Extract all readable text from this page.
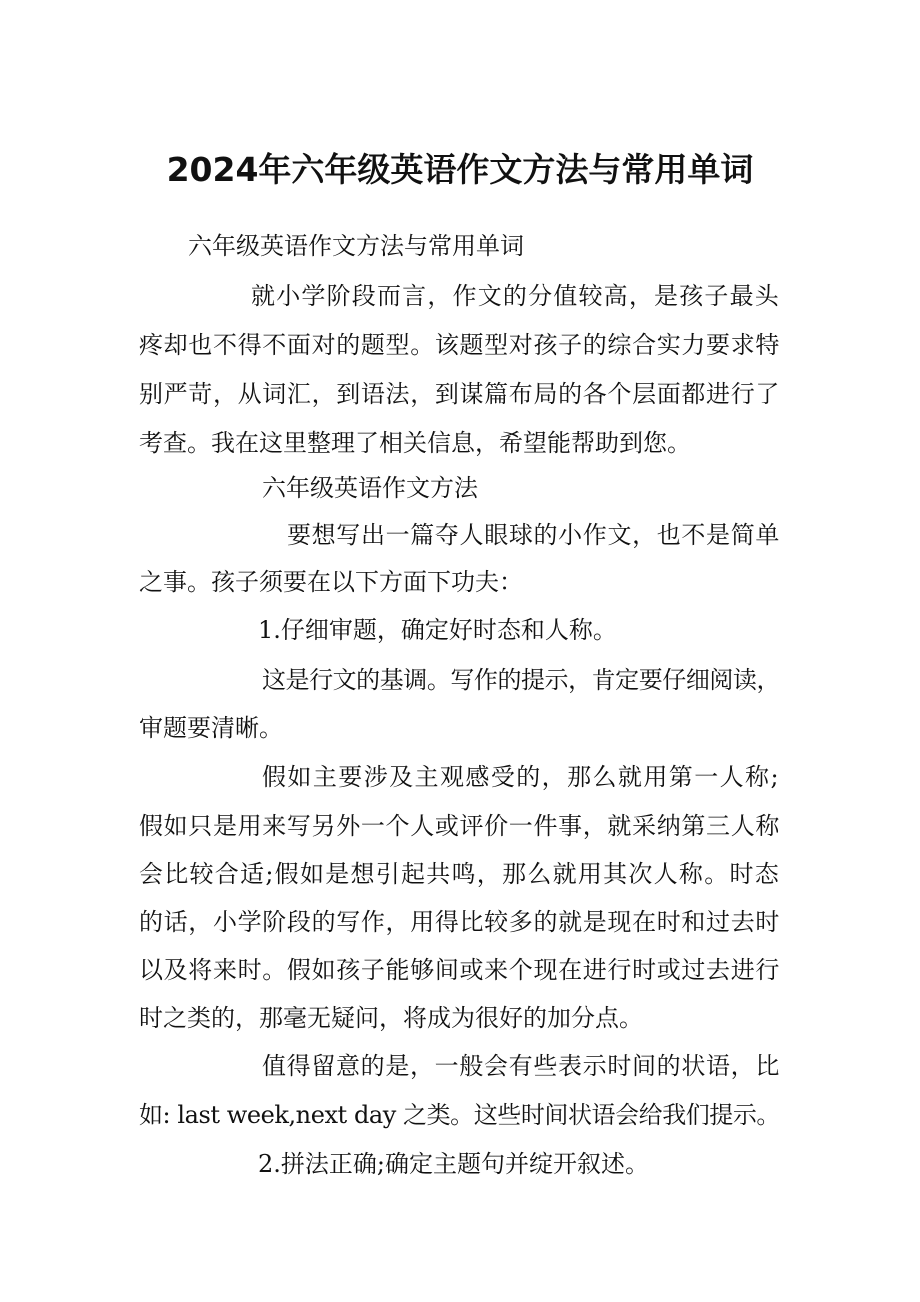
2024年六年级英语作文方法与常用单词
六年级英语作文方法与常用单词
就小学阶段而言，作文的分值较高，是孩子最头
疼却也不得不面对的题型。该题型对孩子的综合实力要求特
别严苛，从词汇，到语法，到谋篇布局的各个层面都进行了
考查。我在这里整理了相关信息，希望能帮助到您。
六年级英语作文方法
要想写出一篇夺人眼球的小作文，也不是简单
之事。孩子须要在以下方面下功夫：
1.仔细审题，确定好时态和人称。
这是行文的基调。写作的提示，肯定要仔细阅读，
审题要清晰。
假如主要涉及主观感受的，那么就用第一人称;
假如只是用来写另外一个人或评价一件事，就采纳第三人称
会比较合适;假如是想引起共鸣，那么就用其次人称。时态
的话，小学阶段的写作，用得比较多的就是现在时和过去时
以及将来时。假如孩子能够间或来个现在进行时或过去进行
时之类的，那毫无疑问，将成为很好的加分点。
值得留意的是，一般会有些表示时间的状语，比
如: last week,next day 之类。这些时间状语会给我们提示。
2.拼法正确;确定主题句并绽开叙述。
